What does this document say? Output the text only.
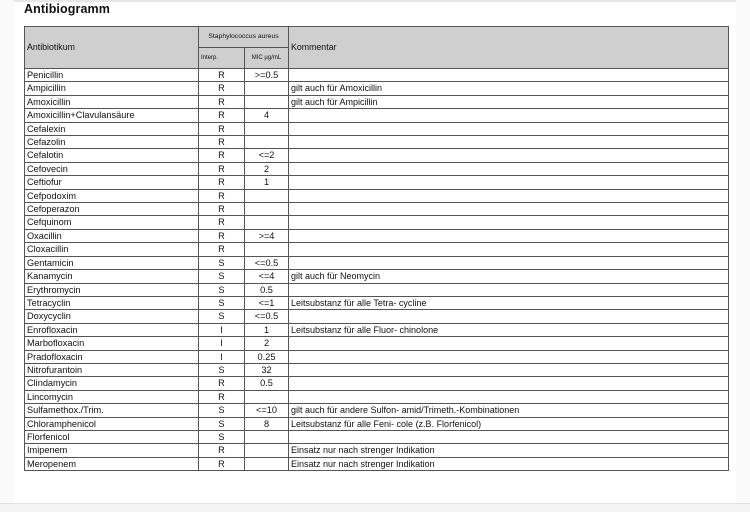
Antibiogramm
Antibiotikum	Staphylococcus aureus		Kommentar
	Interp.	MIC µg/mL	
Penicillin	R	>=0.5	
Ampicillin	R		gilt auch für Amoxicillin
Amoxicillin	R		gilt auch für Ampicillin
Amoxicillin+Clavulansäure	R	4	
Cefalexin	R		
Cefazolin	R		
Cefalotin	R	<=2	
Cefovecin	R	2	
Ceftiofur	R	1	
Cefpodoxim	R		
Cefoperazon	R		
Cefquinom	R		
Oxacillin	R	>=4	
Cloxacillin	R		
Gentamicin	S	<=0.5	
Kanamycin	S	<=4	gilt auch für Neomycin
Erythromycin	S	0.5	
Tetracyclin	S	<=1	Leitsubstanz für alle Tetra- cycline
Doxycyclin	S	<=0.5	
Enrofloxacin	I	1	Leitsubstanz für alle Fluor- chinolone
Marbofloxacin	I	2	
Pradofloxacin	I	0.25	
Nitrofurantoin	S	32	
Clindamycin	R	0.5	
Lincomycin	R		
Sulfamethox./Trim.	S	<=10	gilt auch für andere Sulfon- amid/Trimeth.-Kombinationen
Chloramphenicol	S	8	Leitsubstanz für alle Feni- cole (z.B. Florfenicol)
Florfenicol	S		
Imipenem	R		Einsatz nur nach strenger Indikation
Meropenem	R		Einsatz nur nach strenger Indikation
